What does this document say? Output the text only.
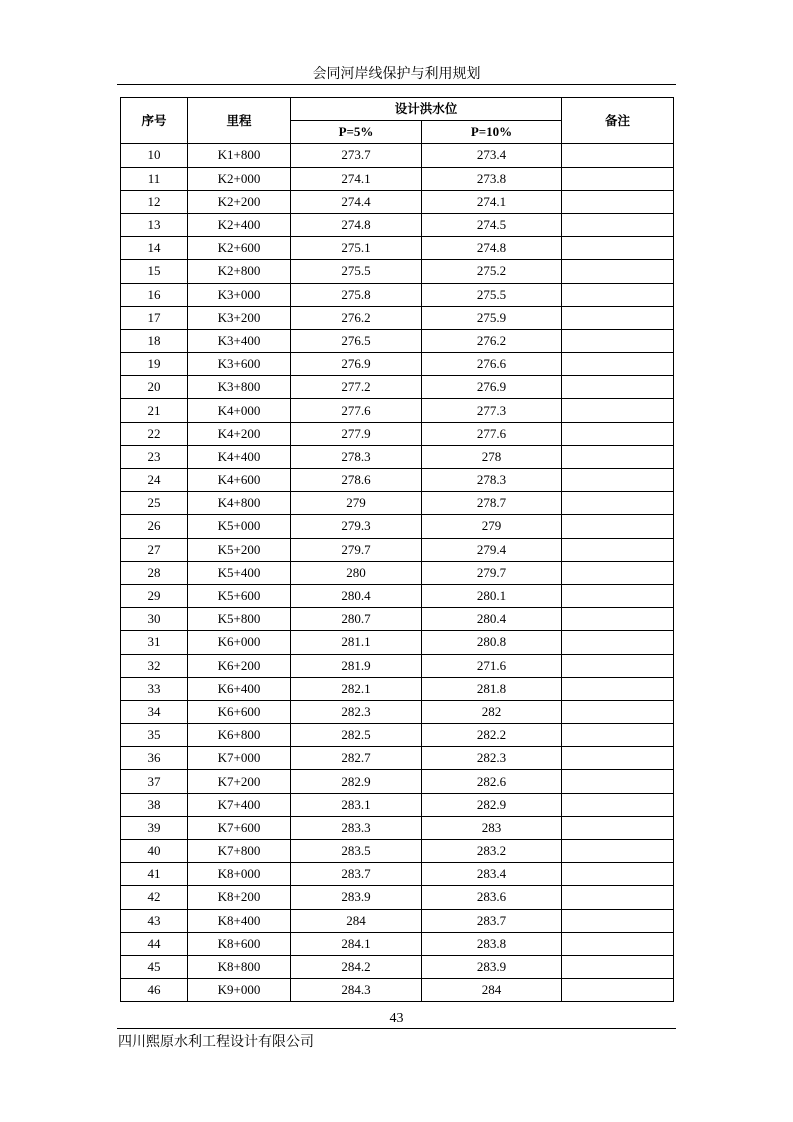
会同河岸线保护与利用规划
序号	里程	设计洪水位		备注
		P=5%	P=10%	
10	K1+800	273.7	273.4	
11	K2+000	274.1	273.8	
12	K2+200	274.4	274.1	
13	K2+400	274.8	274.5	
14	K2+600	275.1	274.8	
15	K2+800	275.5	275.2	
16	K3+000	275.8	275.5	
17	K3+200	276.2	275.9	
18	K3+400	276.5	276.2	
19	K3+600	276.9	276.6	
20	K3+800	277.2	276.9	
21	K4+000	277.6	277.3	
22	K4+200	277.9	277.6	
23	K4+400	278.3	278	
24	K4+600	278.6	278.3	
25	K4+800	279	278.7	
26	K5+000	279.3	279	
27	K5+200	279.7	279.4	
28	K5+400	280	279.7	
29	K5+600	280.4	280.1	
30	K5+800	280.7	280.4	
31	K6+000	281.1	280.8	
32	K6+200	281.9	271.6	
33	K6+400	282.1	281.8	
34	K6+600	282.3	282	
35	K6+800	282.5	282.2	
36	K7+000	282.7	282.3	
37	K7+200	282.9	282.6	
38	K7+400	283.1	282.9	
39	K7+600	283.3	283	
40	K7+800	283.5	283.2	
41	K8+000	283.7	283.4	
42	K8+200	283.9	283.6	
43	K8+400	284	283.7	
44	K8+600	284.1	283.8	
45	K8+800	284.2	283.9	
46	K9+000	284.3	284	
43
四川熙原水利工程设计有限公司
